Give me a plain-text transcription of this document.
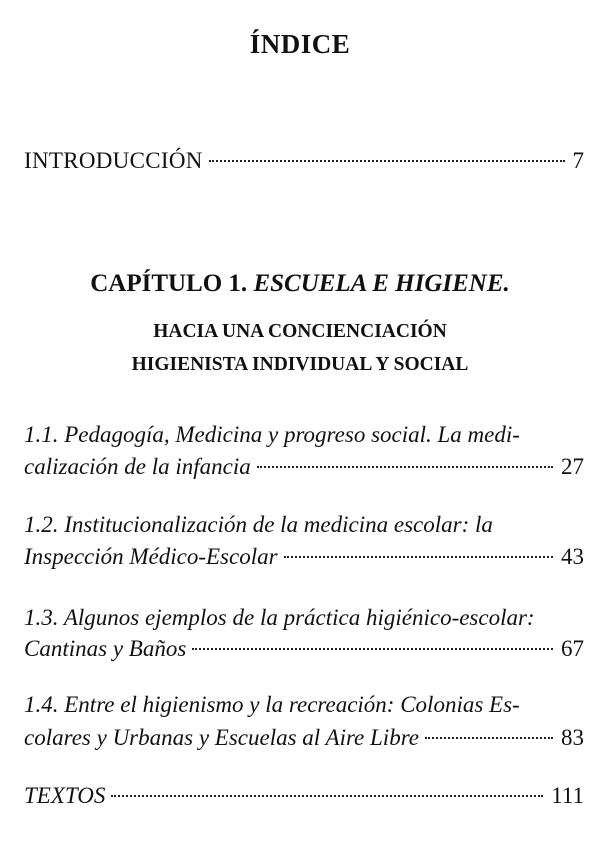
ÍNDICE
INTRODUCCIÓN	7
CAPÍTULO 1. ESCUELA E HIGIENE.
HACIA UNA CONCIENCIACIÓN
HIGIENISTA INDIVIDUAL Y SOCIAL
1.1. Pedagogía, Medicina y progreso social. La medi-
calización de la infancia	27
1.2. Institucionalización de la medicina escolar: la
Inspección Médico-Escolar	43
1.3. Algunos ejemplos de la práctica higiénico-escolar:
Cantinas y Baños	67
1.4. Entre el higienismo y la recreación: Colonias Es-
colares y Urbanas y Escuelas al Aire Libre	83
TEXTOS	111
